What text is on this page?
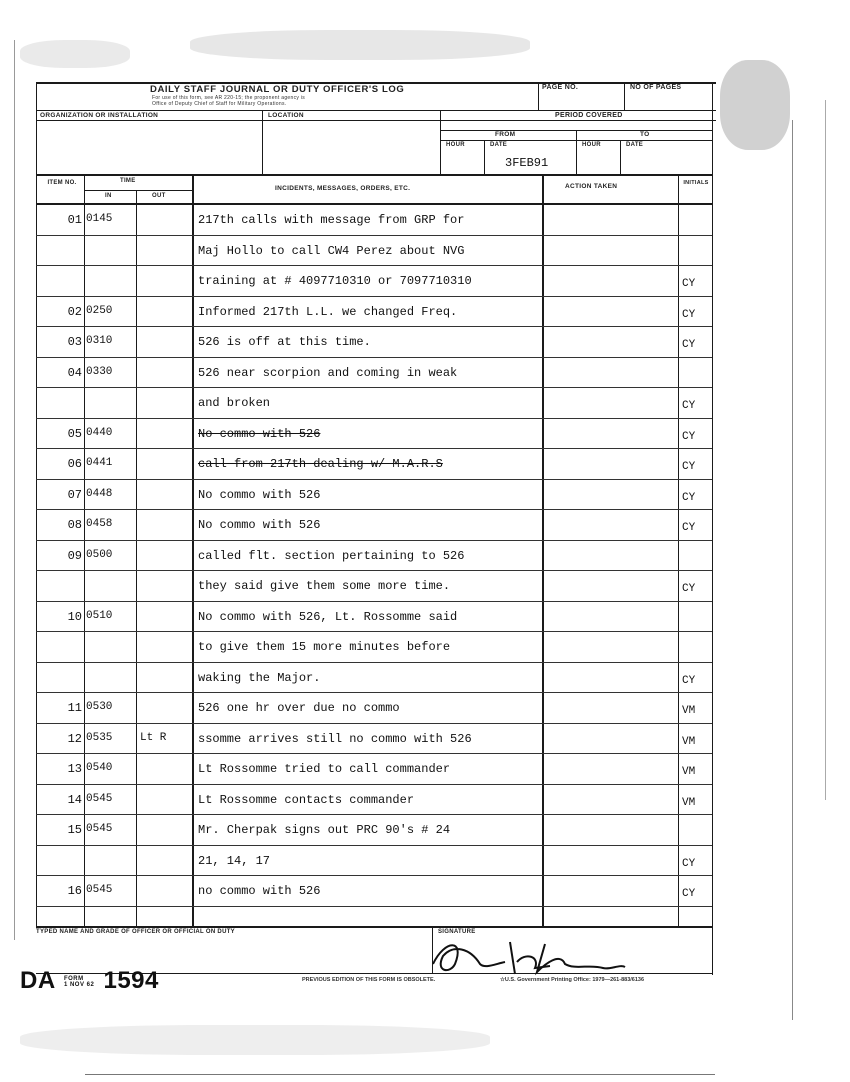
DAILY STAFF JOURNAL OR DUTY OFFICER'S LOG
For use of this form, see AR 220-15; the proponent agency is
Office of Deputy Chief of Staff for Military Operations.
PAGE NO.	NO OF PAGES
ORGANIZATION OR INSTALLATION	LOCATION	PERIOD COVERED
FROM	TO
HOUR	DATE
3FEB91
HOUR	DATE
ITEM NO.	TIME
IN	OUT
INCIDENTS, MESSAGES, ORDERS, ETC.	ACTION TAKEN	INITIALS
01 0145	217th calls with message from GRP for
Maj Hollo to call CW4 Perez about NVG
training at # 4097710310 or 7097710310	CY
02 0250	Informed 217th L.L. we changed Freq.	CY
03 0310	526 is off at this time.	CY
04 0330	526 near scorpion and coming in weak
and broken	CY
05 0440	No commo with 526	CY
06 0441	call from 217th dealing w/ M.A.R.S	CY
07 0448	No commo with 526	CY
08 0458	No commo with 526	CY
09 0500	called flt. section pertaining to 526
they said give them some more time.	CY
10 0510	No commo with 526, Lt. Rossomme said
to give them 15 more minutes before
waking the Major.	CY
11 0530	526 one hr over due no commo	VM
12 0535	Lt R	ssomme arrives still no commo with 526	VM
13 0540	Lt Rossomme tried to call commander	VM
14 0545	Lt Rossomme contacts commander	VM
15 0545	Mr. Cherpak signs out PRC 90's # 24
21, 14, 17	CY
16 0545	no commo with 526	CY
TYPED NAME AND GRADE OF OFFICER OR OFFICIAL ON DUTY	SIGNATURE
DA FORM
1 NOV 62 1594	PREVIOUS EDITION OF THIS FORM IS OBSOLETE.	☆U.S. Government Printing Office: 1979—261-883/6136
